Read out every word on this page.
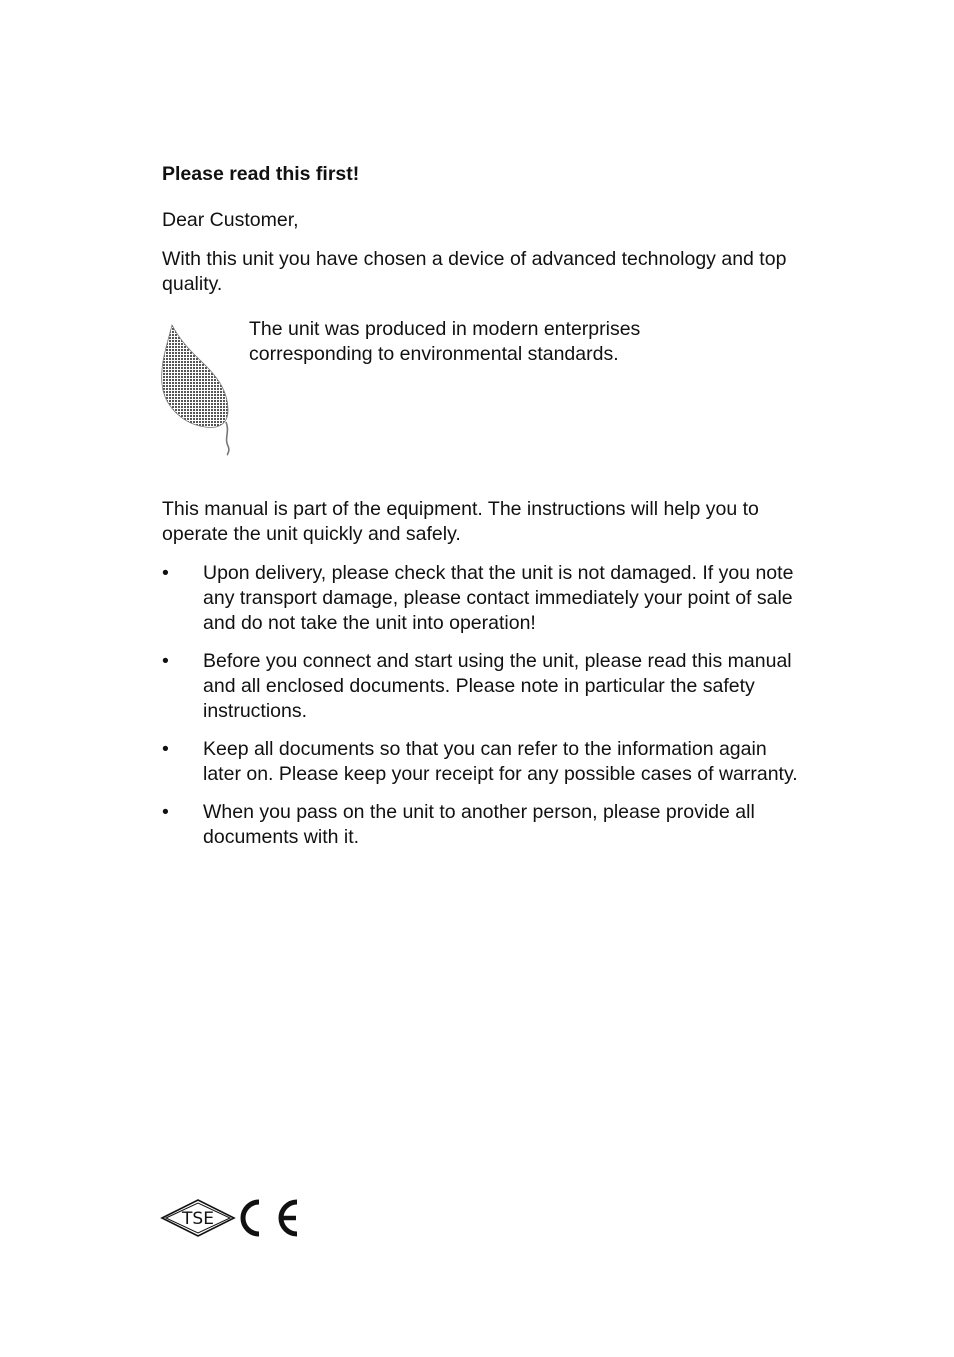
Please read this first!
Dear Customer,
With this unit you have chosen a device of advanced technology and top quality.
The unit was produced in modern enterprises corresponding to environmental standards.
This manual is part of the equipment. The instructions will help you to operate the unit quickly and safely.
•	Upon delivery, please check that the unit is not damaged. If you note any transport damage, please contact immediately your point of sale and do not take the unit into operation!
•	Before you connect and start using the unit, please read this manual and all enclosed documents. Please note in particular the safety instructions.
•	Keep all documents so that you can refer to the information again later on. Please keep your receipt for any possible cases of warranty.
•	When you pass on the unit to another person, please provide all documents with it.
TSE
